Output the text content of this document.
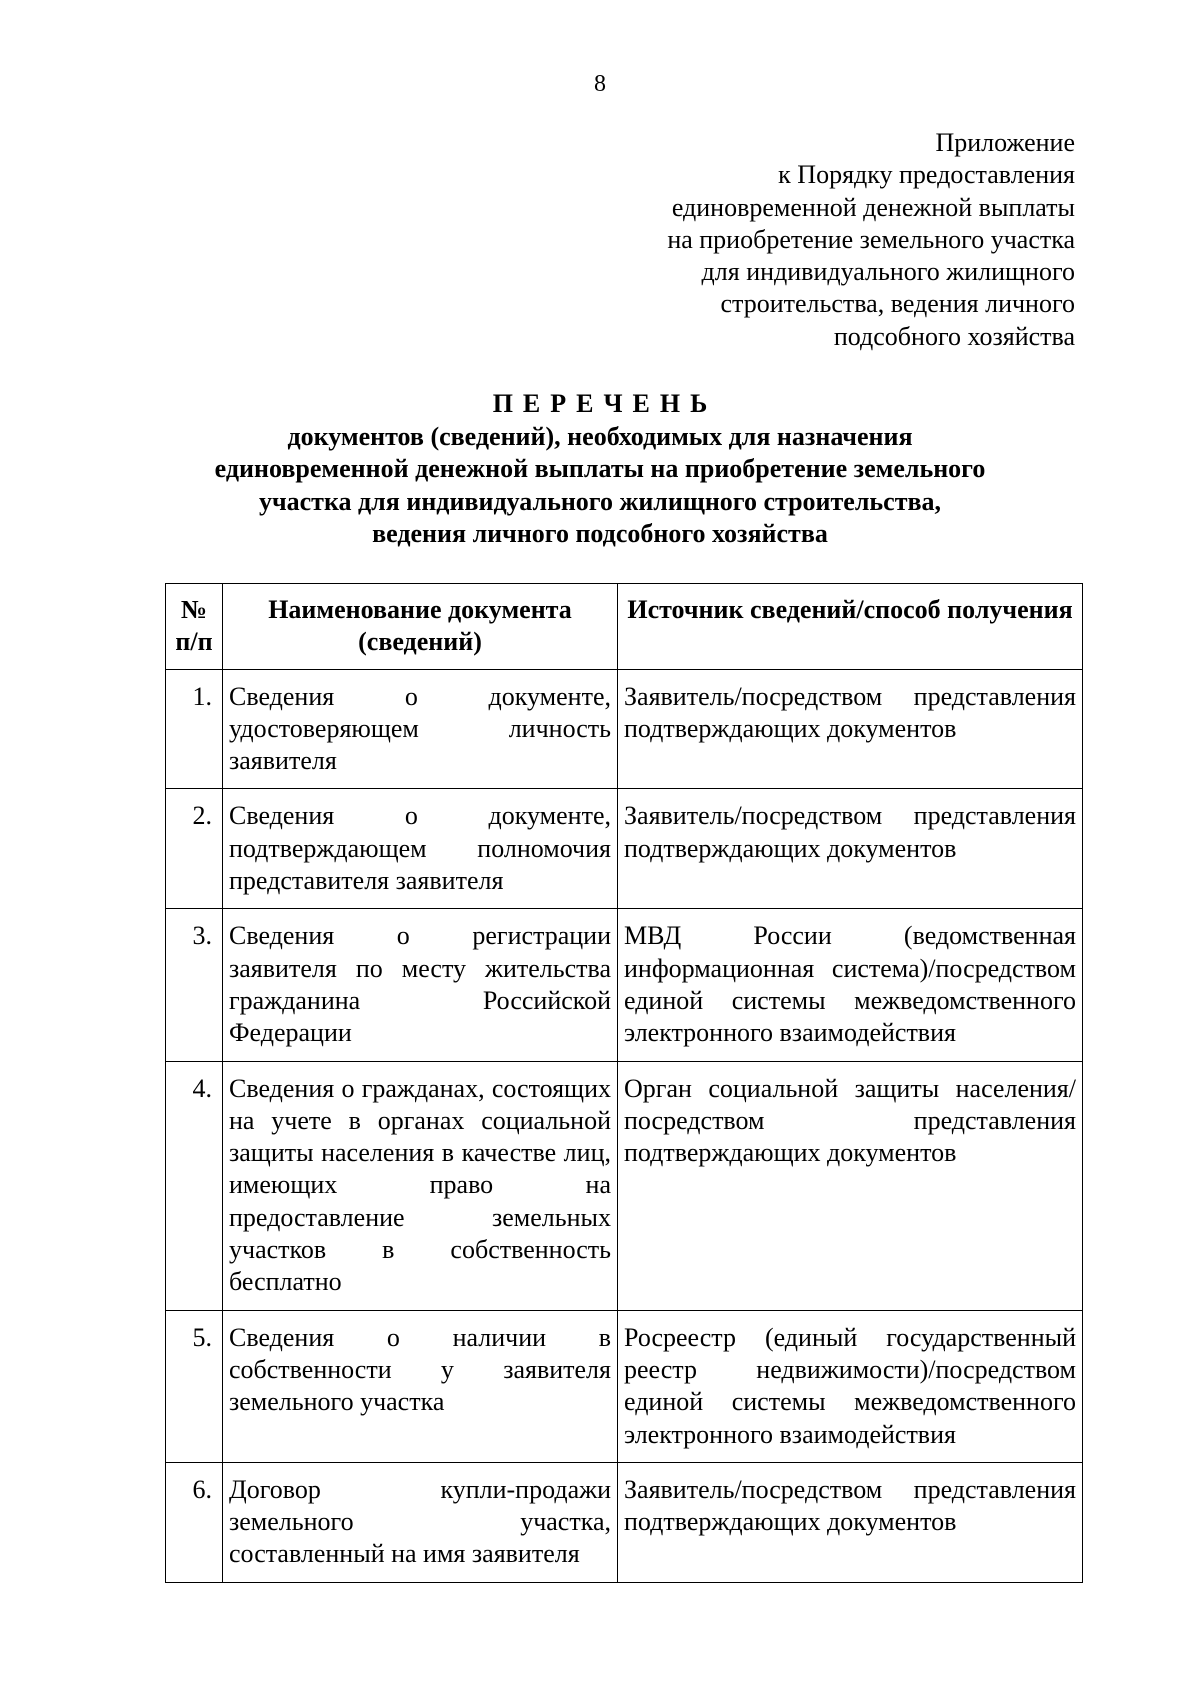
8
Приложение
к Порядку предоставления
единовременной денежной выплаты
на приобретение земельного участка
для индивидуального жилищного
строительства, ведения личного
подсобного хозяйства
ПЕРЕЧЕНЬ
документов (сведений), необходимых для назначения
единовременной денежной выплаты на приобретение земельного
участка для индивидуального жилищного строительства,
ведения личного подсобного хозяйства
№ п/п	Наименование документа (сведений)	Источник сведений/способ получения
1.	Сведения о документе, удостоверяющем личность заявителя	Заявитель/посредством представления подтверждающих документов
2.	Сведения о документе, подтверждающем полномочия представителя заявителя	Заявитель/посредством представления подтверждающих документов
3.	Сведения о регистрации заявителя по месту жительства гражданина Российской Федерации	МВД России (ведомственная информационная система)/посредством единой системы межведомственного электронного взаимодействия
4.	Сведения о гражданах, состоящих на учете в органах социальной защиты населения в качестве лиц, имеющих право на предоставление земельных участков в собственность бесплатно	Орган социальной защиты населения/посредством представления подтверждающих документов
5.	Сведения о наличии в собственности у заявителя земельного участка	Росреестр (единый государственный реестр недвижимости)/посредством единой системы межведомственного электронного взаимодействия
6.	Договор купли-продажи земельного участка, составленный на имя заявителя	Заявитель/посредством представления подтверждающих документов
